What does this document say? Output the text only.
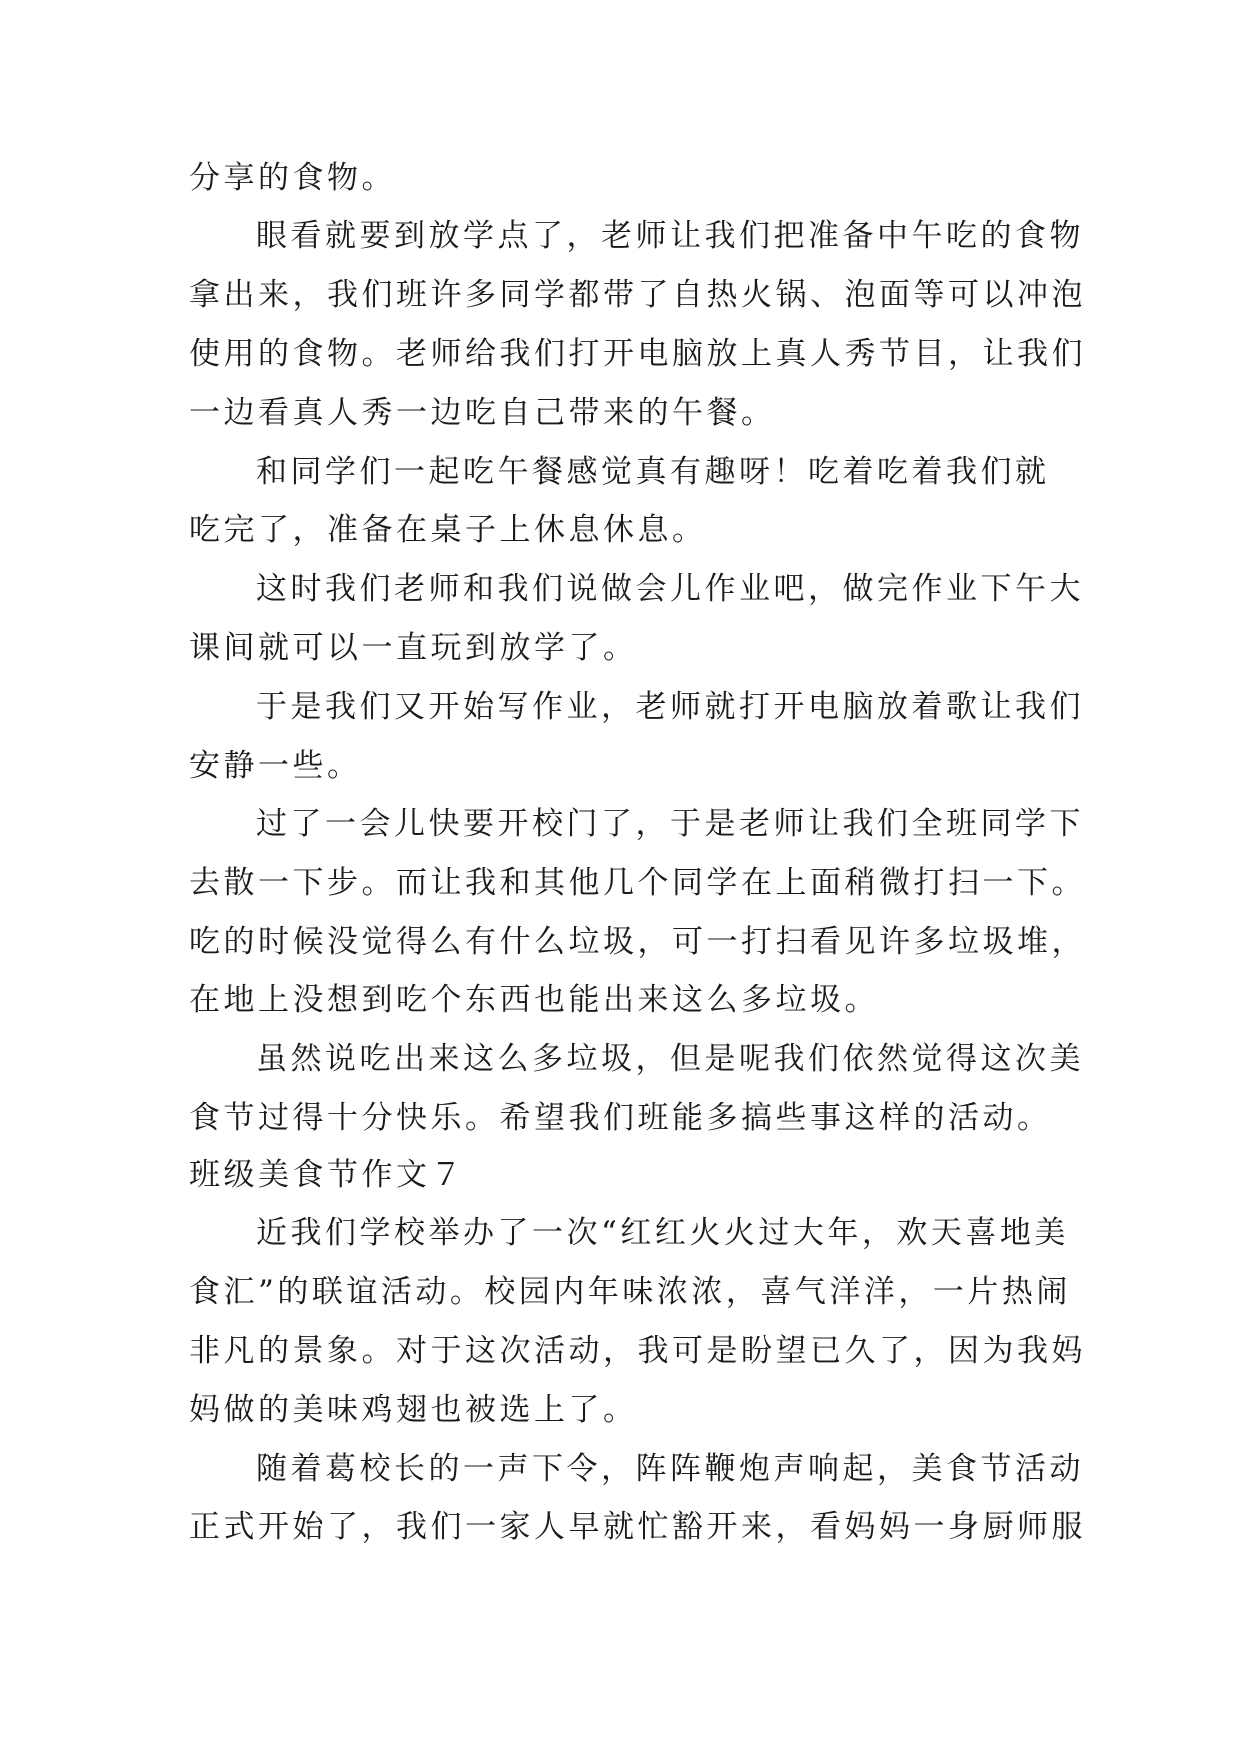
分享的食物。
眼看就要到放学点了，老师让我们把准备中午吃的食物
拿出来，我们班许多同学都带了自热火锅、泡面等可以冲泡
使用的食物。老师给我们打开电脑放上真人秀节目，让我们
一边看真人秀一边吃自己带来的午餐。
和同学们一起吃午餐感觉真有趣呀！吃着吃着我们就
吃完了，准备在桌子上休息休息。
这时我们老师和我们说做会儿作业吧，做完作业下午大
课间就可以一直玩到放学了。
于是我们又开始写作业，老师就打开电脑放着歌让我们
安静一些。
过了一会儿快要开校门了，于是老师让我们全班同学下
去散一下步。而让我和其他几个同学在上面稍微打扫一下。
吃的时候没觉得么有什么垃圾，可一打扫看见许多垃圾堆，
在地上没想到吃个东西也能出来这么多垃圾。
虽然说吃出来这么多垃圾，但是呢我们依然觉得这次美
食节过得十分快乐。希望我们班能多搞些事这样的活动。
班级美食节作文７
近我们学校举办了一次“红红火火过大年，欢天喜地美
食汇”的联谊活动。校园内年味浓浓，喜气洋洋，一片热闹
非凡的景象。对于这次活动，我可是盼望已久了，因为我妈
妈做的美味鸡翅也被选上了。
随着葛校长的一声下令，阵阵鞭炮声响起，美食节活动
正式开始了，我们一家人早就忙豁开来，看妈妈一身厨师服
